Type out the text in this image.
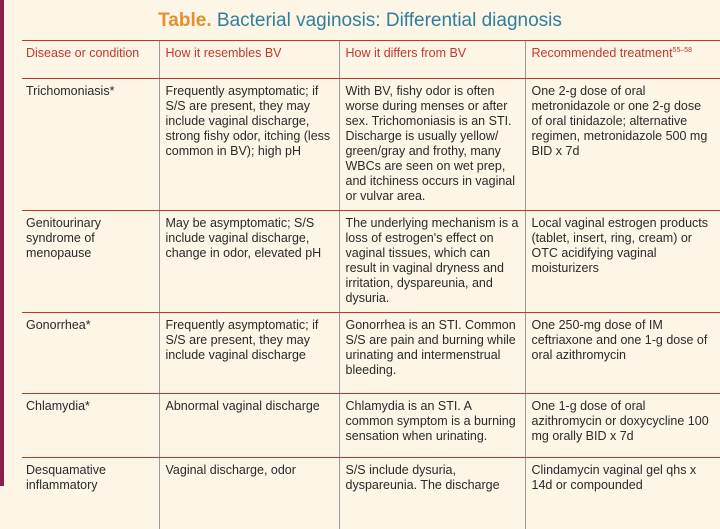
Table. Bacterial vaginosis: Differential diagnosis
Disease or condition	How it resembles BV	How it differs from BV	Recommended treatment$^{55-58}$
Trichomoniasis*	Frequently asymptomatic; if S/S are present, they may include vaginal discharge, strong fishy odor, itching (less common in BV); high pH	With BV, fishy odor is often worse during menses or after sex. Trichomoniasis is an STI. Discharge is usually yellow/ green/gray and frothy, many WBCs are seen on wet prep, and itchiness occurs in vaginal or vulvar area.	One 2-g dose of oral metronidazole or one 2-g dose of oral tinidazole; alternative regimen, metronidazole 500 mg BID x 7d
Genitourinary syndrome of menopause	May be asymptomatic; S/S include vaginal discharge, change in odor, elevated pH	The underlying mechanism is a loss of estrogen's effect on vaginal tissues, which can result in vaginal dryness and irritation, dyspareunia, and dysuria.	Local vaginal estrogen products (tablet, insert, ring, cream) or OTC acidifying vaginal moisturizers
Gonorrhea*	Frequently asymptomatic; if S/S are present, they may include vaginal discharge	Gonorrhea is an STI. Common S/S are pain and burning while urinating and intermenstrual bleeding.	One 250-mg dose of IM ceftriaxone and one 1-g dose of oral azithromycin
Chlamydia*	Abnormal vaginal discharge	Chlamydia is an STI. A common symptom is a burning sensation when urinating.	One 1-g dose of oral azithromycin or doxycycline 100 mg orally BID x 7d
Desquamative inflammatory	Vaginal discharge, odor	S/S include dysuria, dyspareunia. The discharge	Clindamycin vaginal gel qhs x 14d or compounded
